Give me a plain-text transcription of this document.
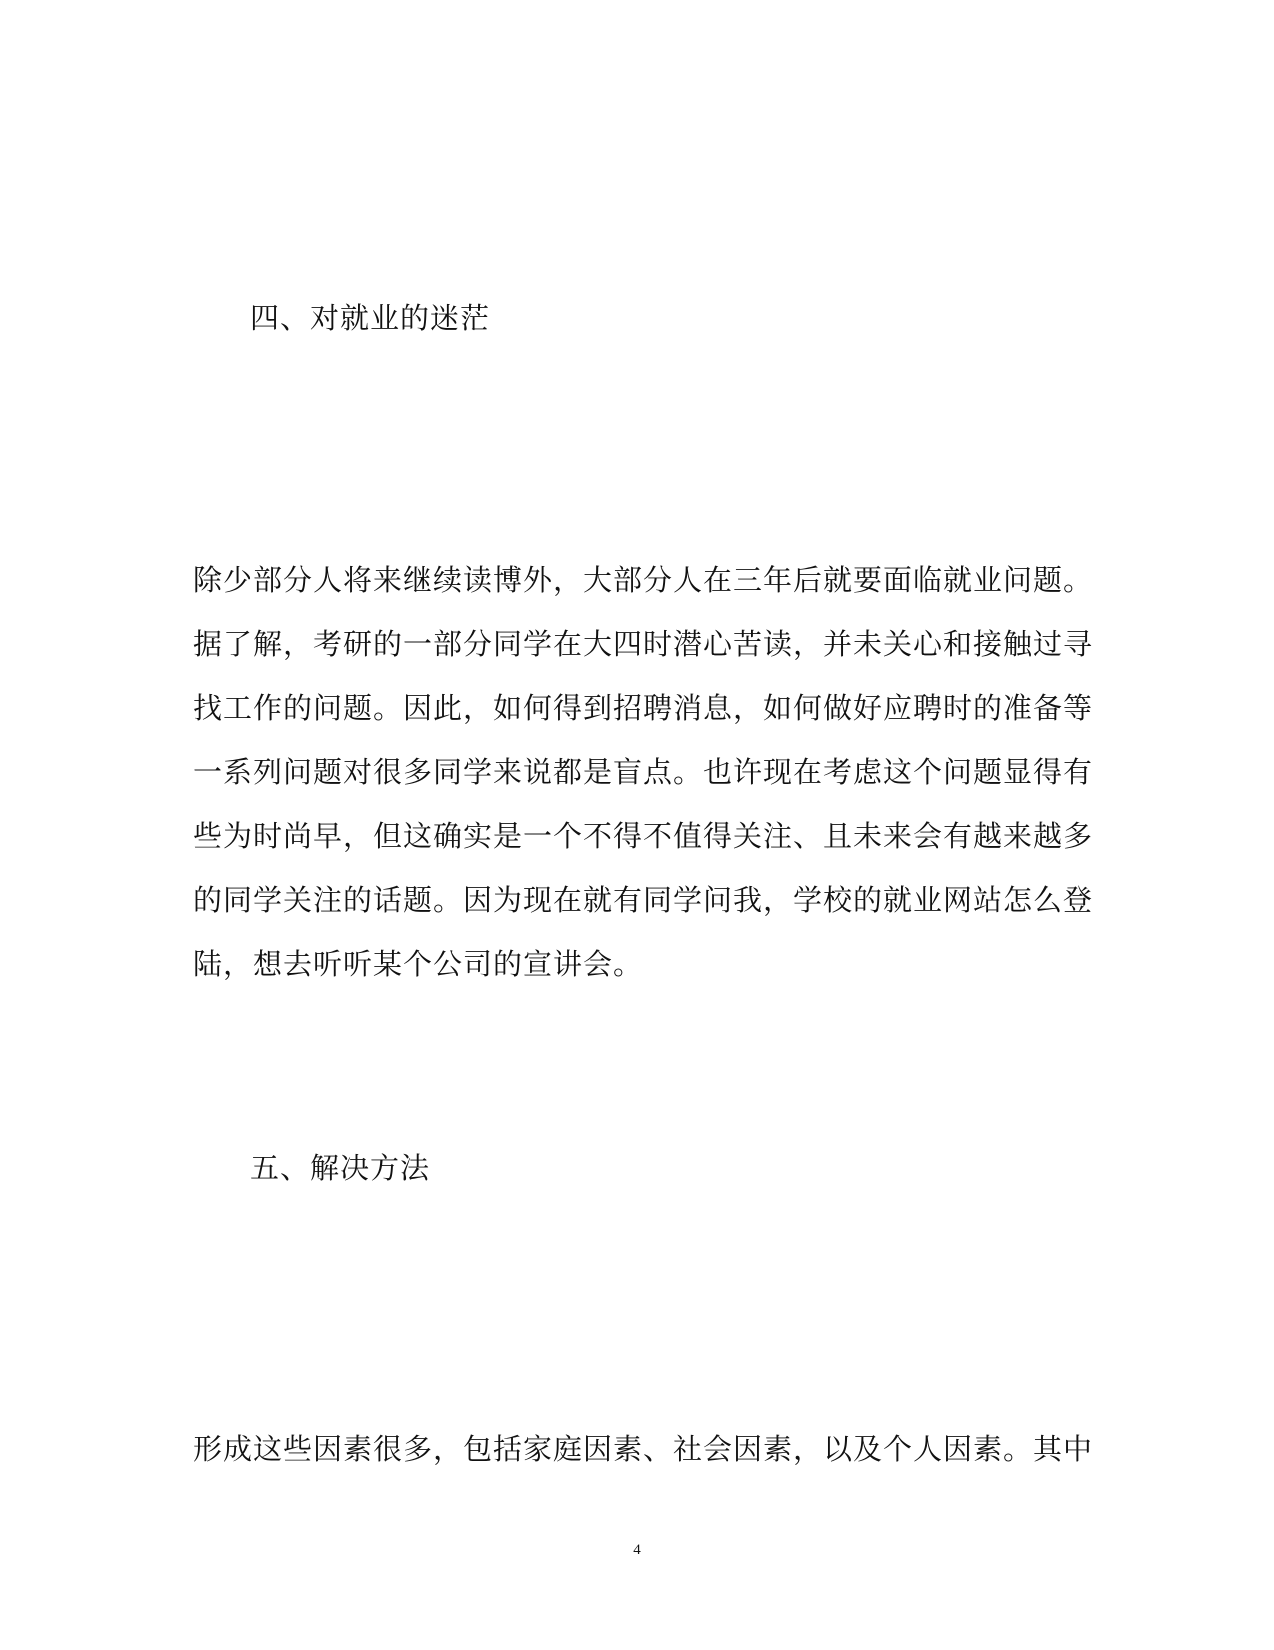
四、对就业的迷茫
除少部分人将来继续读博外，大部分人在三年后就要面临就业问题。
据了解，考研的一部分同学在大四时潜心苦读，并未关心和接触过寻
找工作的问题。因此，如何得到招聘消息，如何做好应聘时的准备等
一系列问题对很多同学来说都是盲点。也许现在考虑这个问题显得有
些为时尚早，但这确实是一个不得不值得关注、且未来会有越来越多
的同学关注的话题。因为现在就有同学问我，学校的就业网站怎么登
陆，想去听听某个公司的宣讲会。
五、解决方法
形成这些因素很多，包括家庭因素、社会因素，以及个人因素。其中
4
